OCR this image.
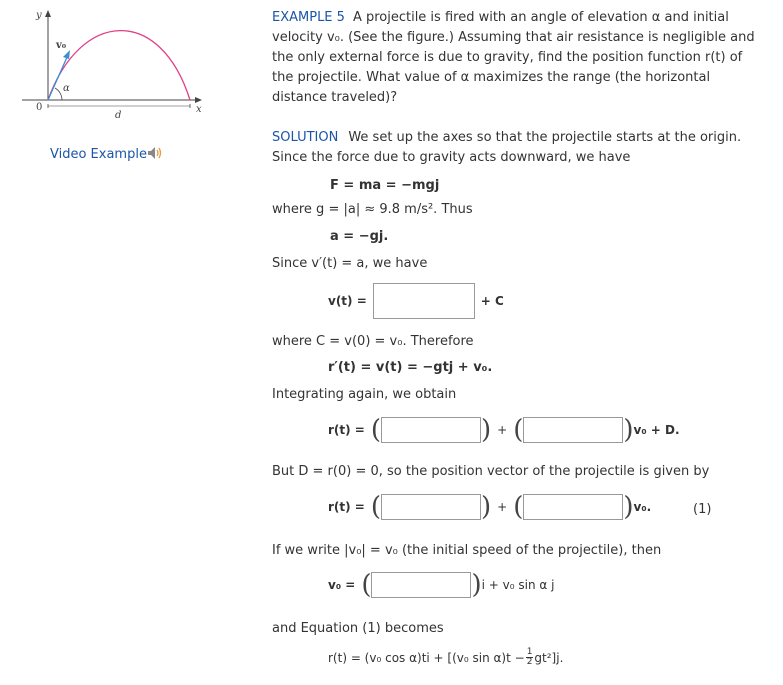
y
x
0
v₀
α
d
Video Example
EXAMPLE 5 A projectile is fired with an angle of elevation α and initial velocity v₀. (See the figure.) Assuming that air resistance is negligible and the only external force is due to gravity, find the position function r(t) of the projectile. What value of α maximizes the range (the horizontal distance traveled)?
SOLUTION We set up the axes so that the projectile starts at the origin. Since the force due to gravity acts downward, we have
F = ma = −mgj
where g = |a| ≈ 9.8 m/s². Thus
a = −gj.
Since v′(t) = a, we have
v(t) =	+ C
where C = v(0) = v₀. Therefore
r′(t) = v(t) = −gtj + v₀.
Integrating again, we obtain
r(t) = (	) + (	) v₀ + D.
But D = r(0) = 0, so the position vector of the projectile is given by
r(t) = (	) + (	) v₀.	(1)
If we write |v₀| = v₀ (the initial speed of the projectile), then
v₀ = (	) i + v₀ sin α j
and Equation (1) becomes
r(t) = (v₀ cos α)ti + [(v₀ $\sin \alpha)t - \frac{1}{2} gt^2]j$.
